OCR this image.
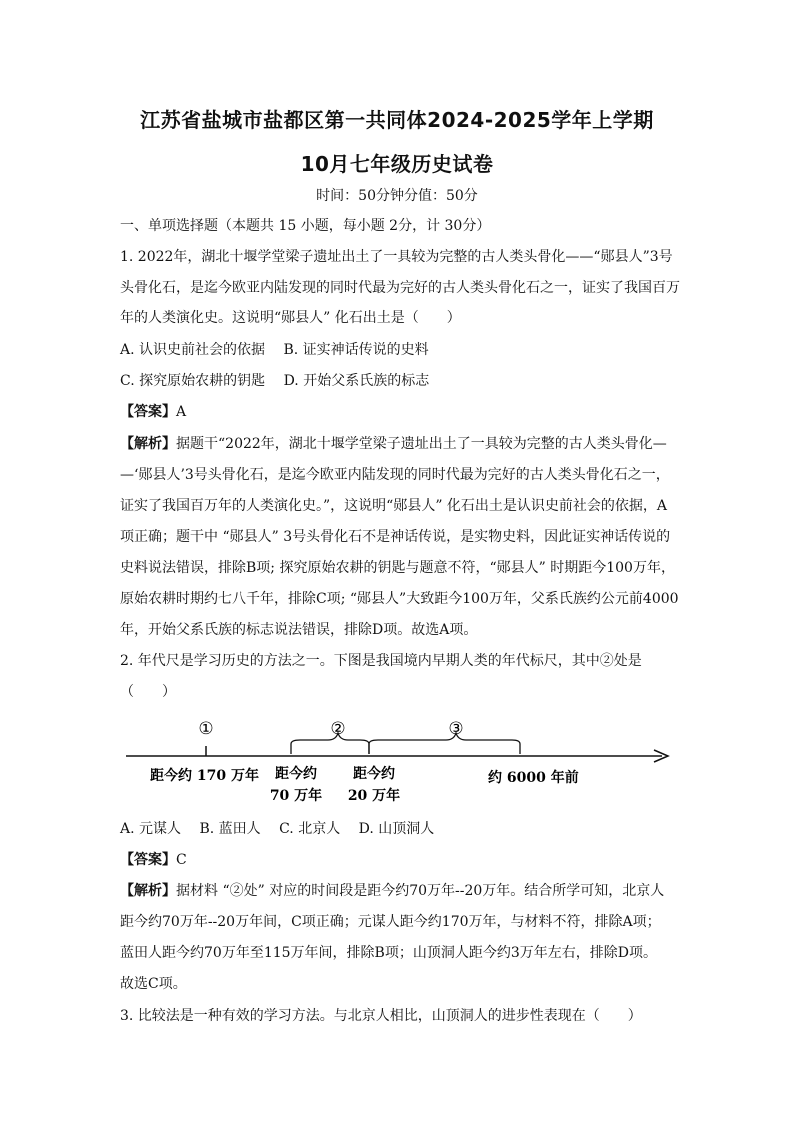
江苏省盐城市盐都区第一共同体2024-2025学年上学期
10月七年级历史试卷
时间：50分钟分值：50分
一、单项选择题（本题共 15 小题，每小题 2分，计 30分）
1. 2022年，湖北十堰学堂梁子遗址出土了一具较为完整的古人类头骨化——“郧县人”3号
头骨化石，是迄今欧亚内陆发现的同时代最为完好的古人类头骨化石之一，证实了我国百万
年的人类演化史。这说明“郧县人” 化石出土是（　　）
A. 认识史前社会的依据　 B. 证实神话传说的史料
C. 探究原始农耕的钥匙　 D. 开始父系氏族的标志
【答案】A
【解析】据题干“2022年，湖北十堰学堂梁子遗址出土了一具较为完整的古人类头骨化—
—‘郧县人’3号头骨化石，是迄今欧亚内陆发现的同时代最为完好的古人类头骨化石之一，
证实了我国百万年的人类演化史。”，这说明“郧县人” 化石出土是认识史前社会的依据，A
项正确；题干中 “郧县人” 3号头骨化石不是神话传说，是实物史料，因此证实神话传说的
史料说法错误，排除B项; 探究原始农耕的钥匙与题意不符，“郧县人” 时期距今100万年，
原始农耕时期约七八千年，排除C项; “郧县人”大致距今100万年，父系氏族约公元前4000
年，开始父系氏族的标志说法错误，排除D项。故选A项。
2. 年代尺是学习历史的方法之一。下图是我国境内早期人类的年代标尺，其中②处是
（　　）
①	②	③
距今约 170 万年 距今约
70 万年
距今约
20 万年
约 6000 年前
A. 元谋人　 B. 蓝田人　 C. 北京人　 D. 山顶洞人
【答案】C
【解析】据材料 “②处” 对应的时间段是距今约70万年--20万年。结合所学可知，北京人
距今约70万年--20万年间，C项正确；元谋人距今约170万年，与材料不符，排除A项；
蓝田人距今约70万年至115万年间，排除B项；山顶洞人距今约3万年左右，排除D项。
故选C项。
3. 比较法是一种有效的学习方法。与北京人相比，山顶洞人的进步性表现在（　　）
